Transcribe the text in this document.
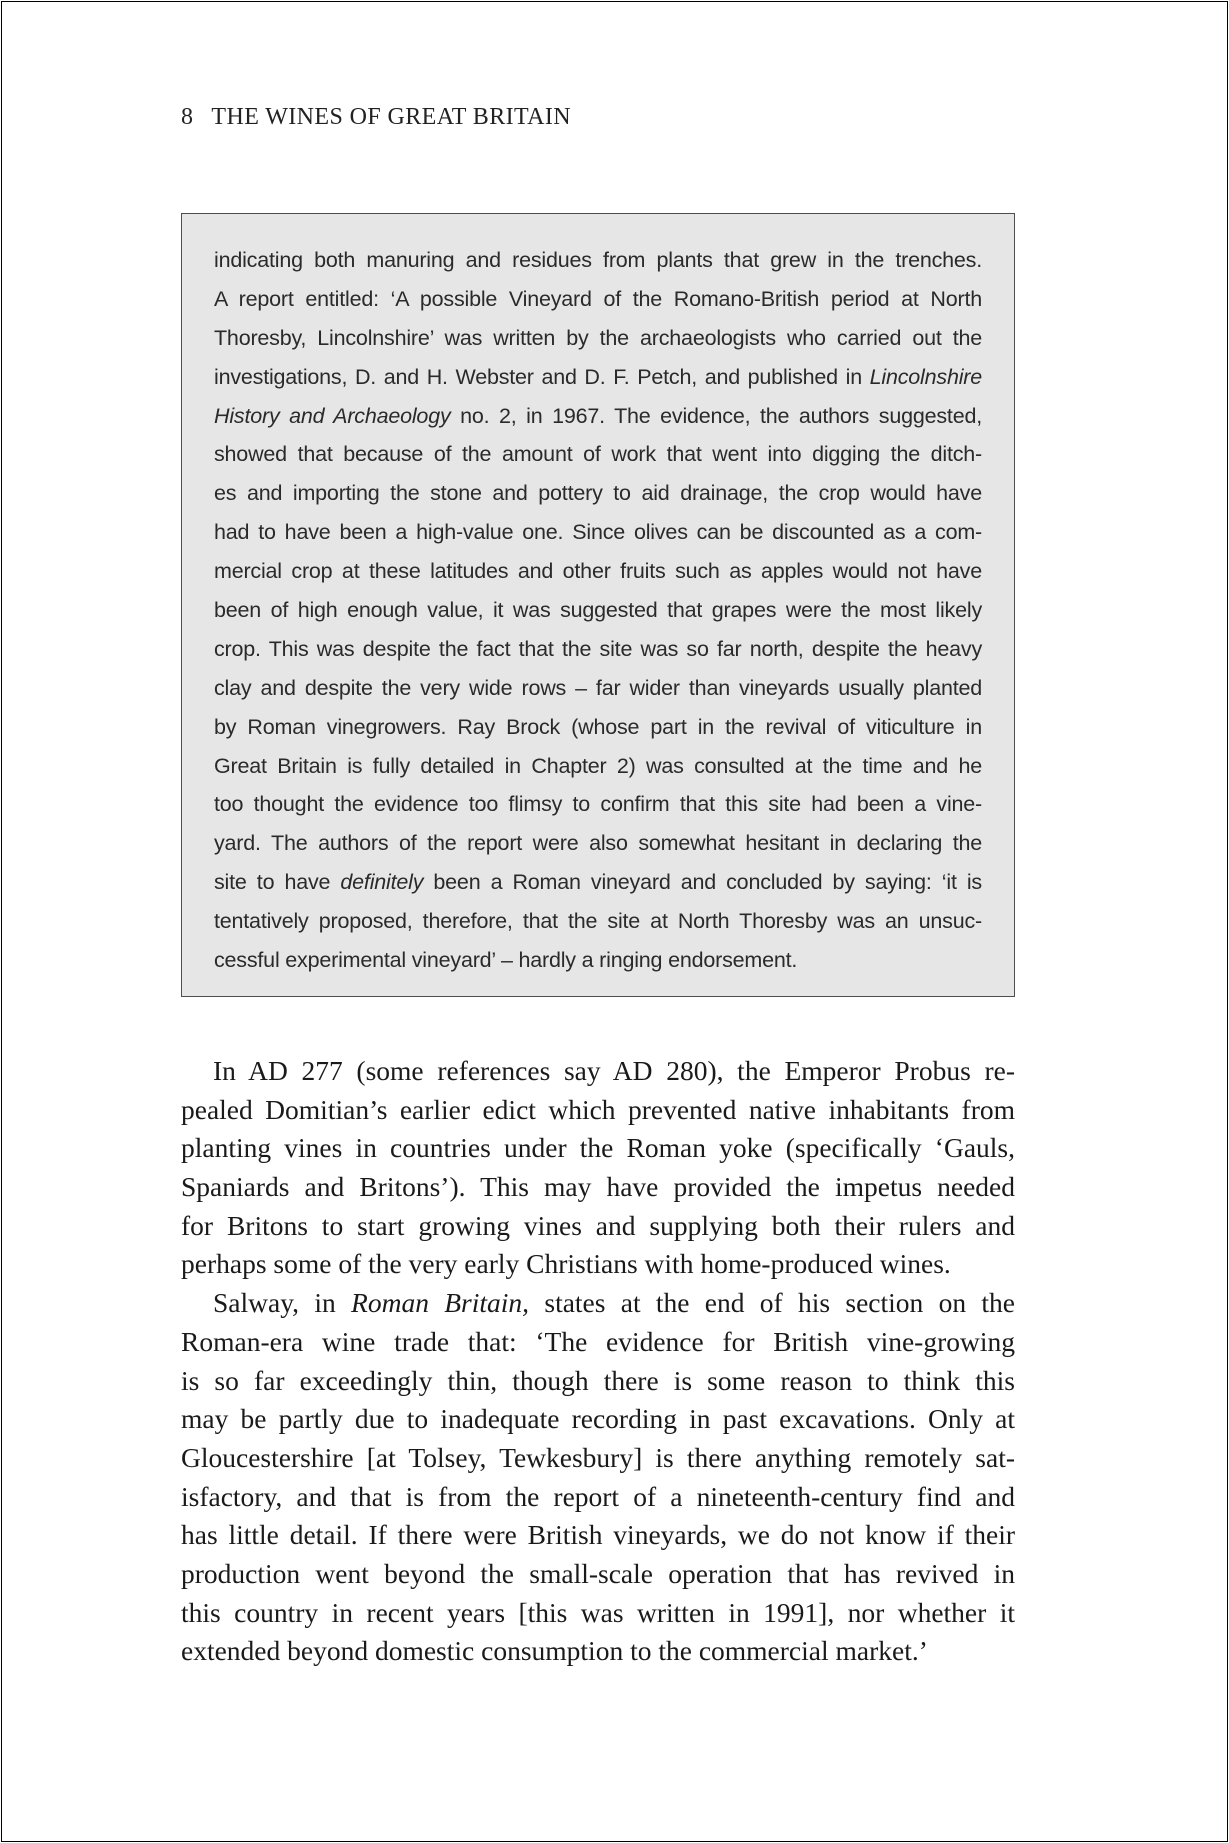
8 THE WINES OF GREAT BRITAIN
indicating both manuring and residues from plants that grew in the trenches.
A report entitled: ‘A possible Vineyard of the Romano-British period at North
Thoresby, Lincolnshire’ was written by the archaeologists who carried out the
investigations, D. and H. Webster and D. F. Petch, and published in Lincolnshire
History and Archaeology no. 2, in 1967. The evidence, the authors suggested,
showed that because of the amount of work that went into digging the ditch-
es and importing the stone and pottery to aid drainage, the crop would have
had to have been a high-value one. Since olives can be discounted as a com-
mercial crop at these latitudes and other fruits such as apples would not have
been of high enough value, it was suggested that grapes were the most likely
crop. This was despite the fact that the site was so far north, despite the heavy
clay and despite the very wide rows – far wider than vineyards usually planted
by Roman vinegrowers. Ray Brock (whose part in the revival of viticulture in
Great Britain is fully detailed in Chapter 2) was consulted at the time and he
too thought the evidence too flimsy to confirm that this site had been a vine-
yard. The authors of the report were also somewhat hesitant in declaring the
site to have definitely been a Roman vineyard and concluded by saying: ‘it is
tentatively proposed, therefore, that the site at North Thoresby was an unsuc-
cessful experimental vineyard’ – hardly a ringing endorsement.
In AD 277 (some references say AD 280), the Emperor Probus re-
pealed Domitian’s earlier edict which prevented native inhabitants from
planting vines in countries under the Roman yoke (specifically ‘Gauls,
Spaniards and Britons’). This may have provided the impetus needed
for Britons to start growing vines and supplying both their rulers and
perhaps some of the very early Christians with home-produced wines.
Salway, in Roman Britain, states at the end of his section on the
Roman-era wine trade that: ‘The evidence for British vine-growing
is so far exceedingly thin, though there is some reason to think this
may be partly due to inadequate recording in past excavations. Only at
Gloucestershire [at Tolsey, Tewkesbury] is there anything remotely sat-
isfactory, and that is from the report of a nineteenth-century find and
has little detail. If there were British vineyards, we do not know if their
production went beyond the small-scale operation that has revived in
this country in recent years [this was written in 1991], nor whether it
extended beyond domestic consumption to the commercial market.’
